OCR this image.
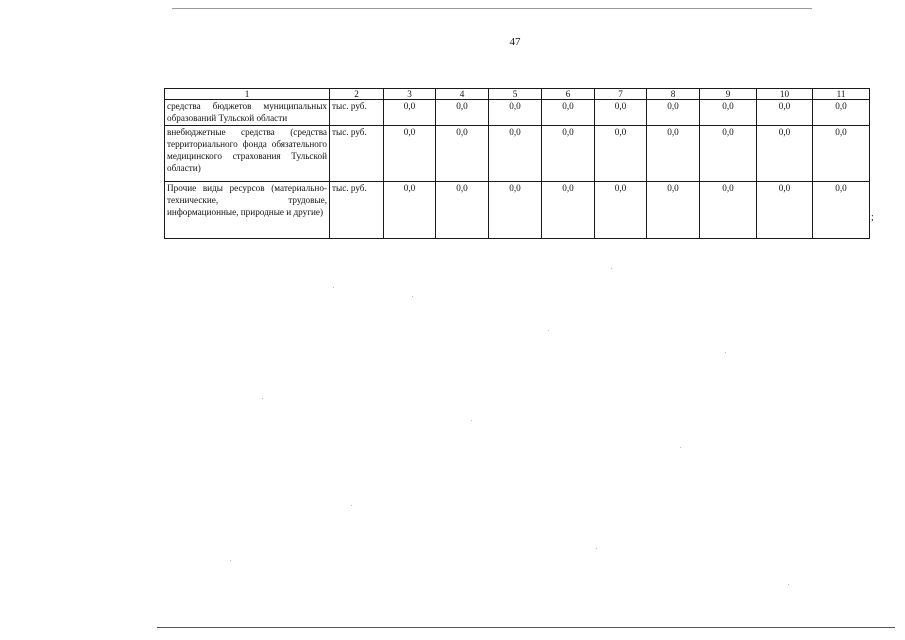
47
1	2	3	4	5	6	7	8	9	10	11
средства бюджетов муниципальных образований Тульской области	тыс. руб.	0,0	0,0	0,0	0,0	0,0	0,0	0,0	0,0	0,0
внебюджетные средства (средства территориального фонда обязательного медицинского страхования Тульской области)	тыс. руб.	0,0	0,0	0,0	0,0	0,0	0,0	0,0	0,0	0,0
Прочие виды ресурсов (материально-технические, трудовые, информационные, природные и другие)	тыс. руб.	0,0	0,0	0,0	0,0	0,0	0,0	0,0	0,0	0,0
;
